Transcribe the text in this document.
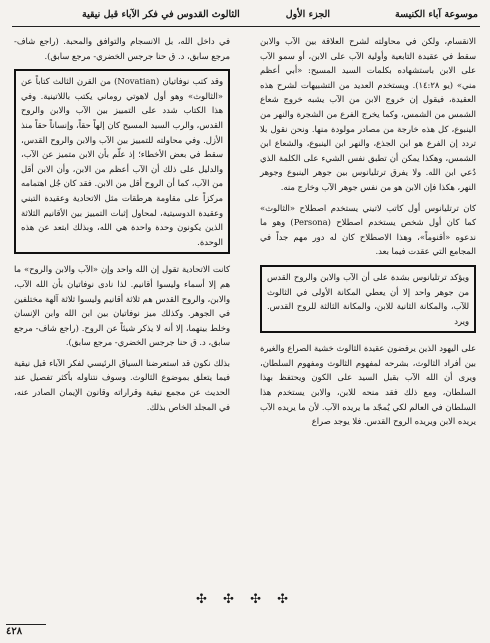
موسوعة آباء الكنيسة
الجزء الأول
الثالوث القدوس في فكر الآباء قبل نيقية

الانقسام، ولكن في محاولته لشرح العلاقة بين الآب والابن سقط في عقيدة التابعية وأولية الآب على الابن، أو سمو الآب على الابن باستشهاده بكلمات السيد المسيح: «أبي أعظم مني» (يو ١٤:٢٨). ويستخدم العديد من التشبيهات لشرح هذه العقيدة، فيقول إن خروج الابن من الآب يشبه خروج شعاع الشمس من الشمس، وكما يخرج الفرع من الشجرة والنهر من الينبوع، كل هذه خارجة من مصادر مولودة منها. ونحن نقول بلا تردد إن الفرع هو ابن الجذع، والنهر ابن الينبوع، والشعاع ابن الشمس، وهكذا يمكن أن تطبق نفس الشيء على الكلمة الذي دُعي ابن الله. ولا يفرق ترتليانوس بين جوهر الينبوع وجوهر النهر، هكذا فإن الابن هو من نفس جوهر الآب وخارج منه.

كان ترتليانوس أول كاتب لاتيني يستخدم اصطلاح «الثالوث» كما كان أول شخص يستخدم اصطلاح (Persona) وهو ما ندعوه «أقنوماً»، وهذا الاصطلاح كان له دور مهم جداً في المجامع التي عقدت فيما بعد.

ويؤكد ترتليانوس بشدة على أن الآب والابن والروح القدس من جوهر واحد إلا أن يعطي المكانة الأولى في الثالوث للآب، والمكانة الثانية للابن، والمكانة الثالثة للروح القدس. ويرد

على اليهود الذين يرفضون عقيدة الثالوث خشية الصراع والغيرة بين أفراد الثالوث، بشرحه لمفهوم الثالوث ومفهوم السلطان، ويرى أن الله الآب بقبل السيد على الكون ويحتفظ بهذا السلطان، ومع ذلك فقد منحه للابن، والابن يستخدم هذا السلطان في العالم لكي يُمجّد ما يريده الآب. لأن ما يريده الآب يريده الابن ويريده الروح القدس. فلا يوجد صراع

في داخل الله، بل الانسجام والتوافق والمحبة. (راجع شاف- مرجع سابق، د. ق حنا جرجس الخضري- مرجع سابق).

وقد كتب نوفاتيان (Novatian) من القرن الثالث كتاباً عن «الثالوث» وهو أول لاهوتي روماني يكتب باللاتينية. وفي هذا الكتاب شدد على التمييز بين الآب والابن والروح القدس، والرب السيد المسيح كان إلهاً حقاً، وإنساناً حقاً منذ الأزل. وفي محاولته للتمييز بين الآب والابن والروح القدس، سقط في بعض الأخطاء؛ إذ علّم بأن الابن متميز عن الآب، والدليل على ذلك أن الآب أعظم من الابن، وأن الابن أقل من الآب، كما أن الروح أقل من الابن. فقد كان جُل اهتمامه مركزاً على مقاومة هرطقات مثل الاتحادية وعقيدة التبني وعقيدة الدوسيتية، لمحاول إثبات التمييز بين الأقانيم الثلاثة الذين يكونون وحدة واحدة هي الله، وبذلك ابتعد عن هذه الوحدة.

كانت الاتحادية تقول إن الله واحد وإن «الآب والابن والروح» ما هم إلا أسماء وليسوا أقانيم. لذا نادى نوفاتيان بأن الله الآب، والابن، والروح القدس هم ثلاثة أقانيم وليسوا ثلاثة آلهة مختلفين في الجوهر. وكذلك ميز نوفاتيان بين ابن الله وابن الإنسان وخلط بينهما، إلا أنه لا يذكر شيئاً عن الروح. (راجع شاف- مرجع سابق، د. ق حنا جرجس الخضري- مرجع سابق).

بذلك نكون قد استعرضنا السياق الرئيسي لفكر الآباء قبل نيقية فيما يتعلق بموضوع الثالوث. وسوف نتناوله بأكثر تفصيل عند الحديث عن مجمع نيقية وقراراته وقانون الإيمان الصادر عنه، في المجلد الخاص بذلك.

✣ ✣ ✣ ✣
٤٢٨
